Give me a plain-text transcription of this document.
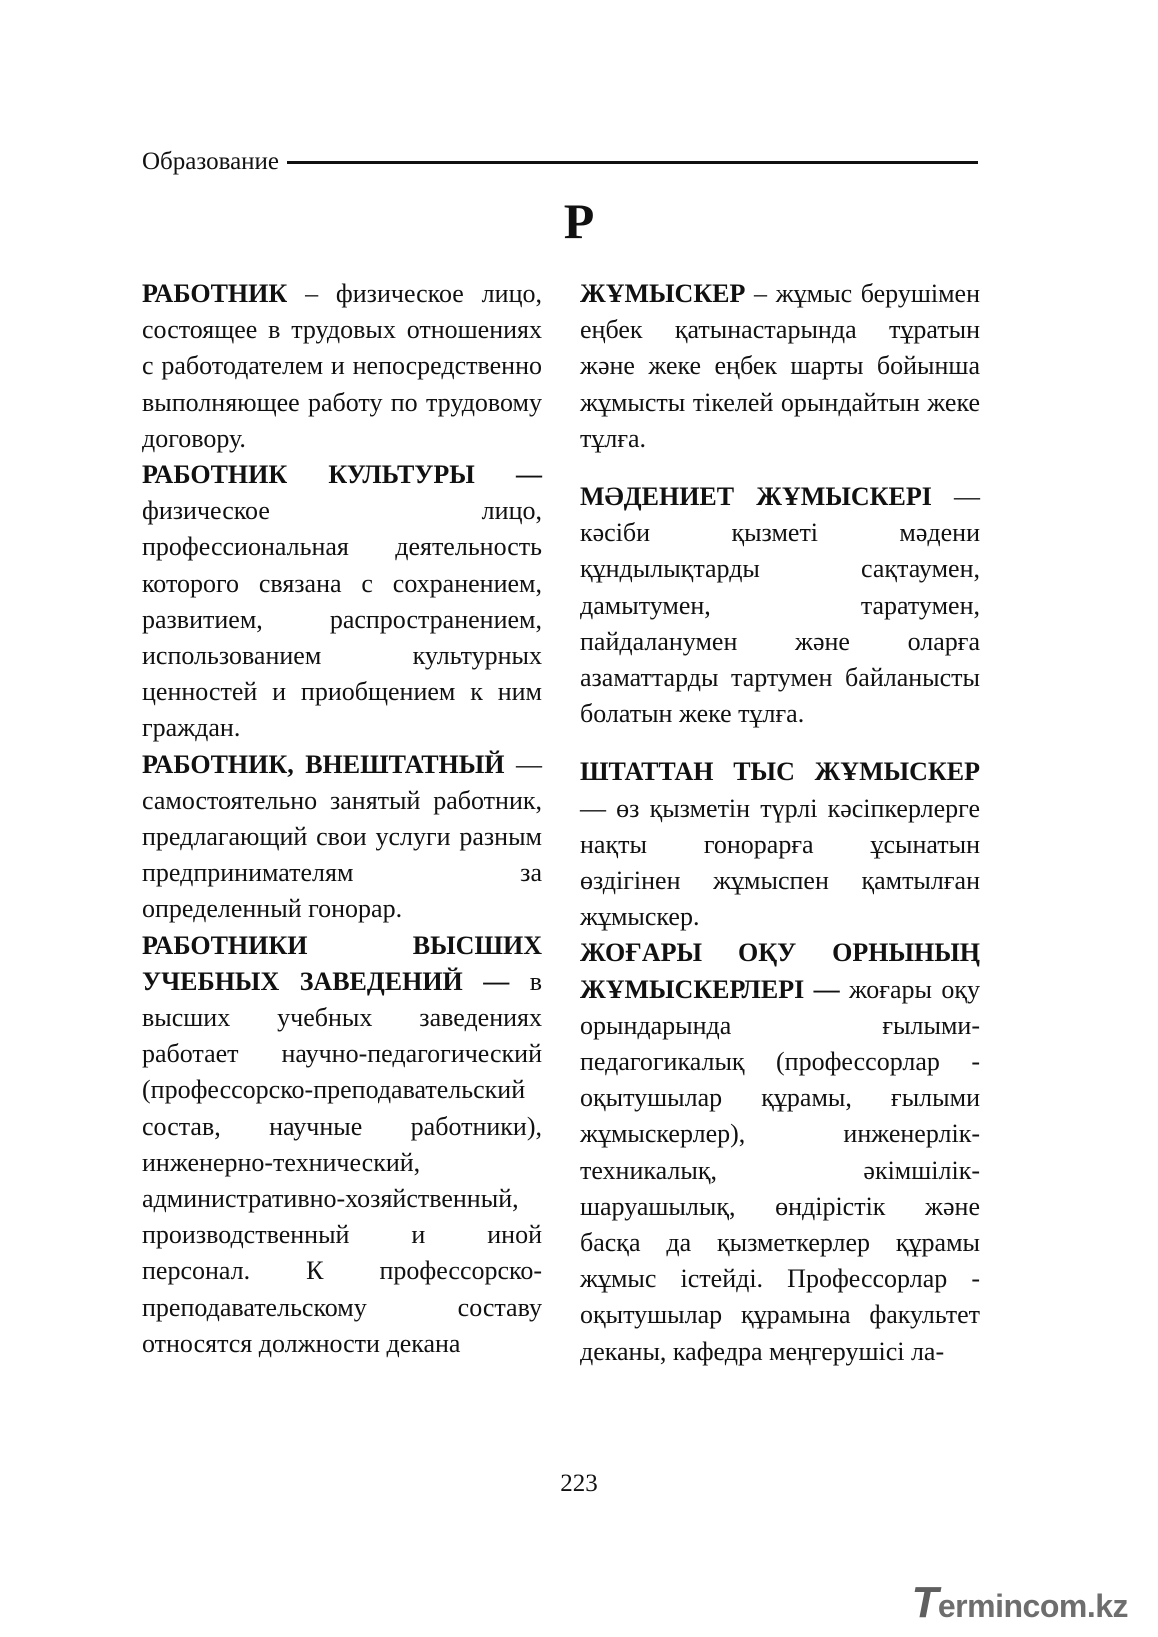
Образование
Р

РАБОТНИК – физическое лицо, состоящее в трудовых отношениях с работодателем и непосредственно выполняющее работу по трудовому договору.

РАБОТНИК КУЛЬТУРЫ — физическое лицо, профессиональная деятельность которого связана с сохранением, развитием, распространением, использованием культурных ценностей и приобщением к ним граждан.

РАБОТНИК, ВНЕШТАТНЫЙ — самостоятельно занятый работник, предлагающий свои услуги разным предпринимателям за определенный гонорар.

РАБОТНИКИ ВЫСШИХ УЧЕБНЫХ ЗАВЕДЕНИЙ — в высших учебных заведениях работает научно-педагогический (профессорско-преподавательский состав, научные работники), инженерно-технический, административно-хозяйственный, производственный и иной персонал. К профессорско-преподавательскому составу относятся должности декана

ЖҰМЫСКЕР – жұмыс берушімен еңбек қатынастарында тұратын және жеке еңбек шарты бойынша жұмысты тікелей орындайтын жеке тұлға.

МӘДЕНИЕТ ЖҰМЫСКЕРІ — кәсіби қызметі мәдени құндылықтарды сақтаумен, дамытумен, таратумен, пайдаланумен және оларға азаматтарды тартумен байланысты болатын жеке тұлға.

ШТАТТАН ТЫС ЖҰМЫСКЕР — өз қызметін түрлі кәсіпкерлерге нақты гонорарға ұсынатын өздігінен жұмыспен қамтылған жұмыскер.

ЖОҒАРЫ ОҚУ ОРНЫНЫҢ ЖҰМЫСКЕРЛЕРІ — жоғары оқу орындарында ғылыми-педагогикалық (профессорлар - оқытушылар құрамы, ғылыми жұмыскерлер), инженерлік-техникалық, әкімшілік-шаруашылық, өндірістік және басқа да қызметкерлер құрамы жұмыс істейді. Профессорлар - оқытушылар құрамына факультет деканы, кафедра меңгерушісі ла-

223
Termincom.kz
